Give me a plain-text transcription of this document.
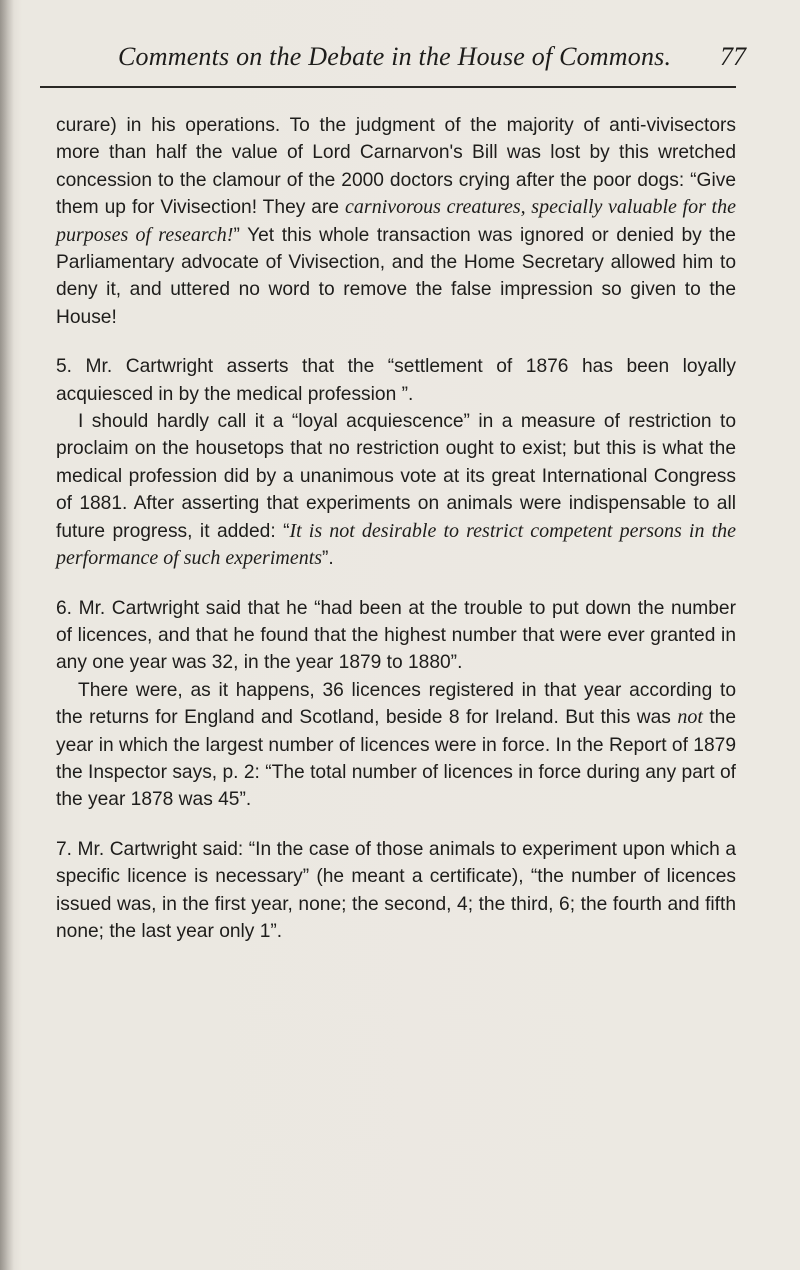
Comments on the Debate in the House of Commons.	77

curare) in his operations. To the judgment of the majority of anti-vivisectors more than half the value of Lord Carnarvon's Bill was lost by this wretched concession to the clamour of the 2000 doctors crying after the poor dogs: “Give them up for Vivisection! They are carnivorous creatures, specially valuable for the purposes of research!” Yet this whole transaction was ignored or denied by the Parliamentary advocate of Vivisection, and the Home Secretary allowed him to deny it, and uttered no word to remove the false impression so given to the House!

5. Mr. Cartwright asserts that the “settlement of 1876 has been loyally acquiesced in by the medical profession ”.

I should hardly call it a “loyal acquiescence” in a measure of restriction to proclaim on the housetops that no restriction ought to exist; but this is what the medical profession did by a unanimous vote at its great International Congress of 1881. After asserting that experiments on animals were indispensable to all future progress, it added: “It is not desirable to restrict competent persons in the performance of such experiments”.

6. Mr. Cartwright said that he “had been at the trouble to put down the number of licences, and that he found that the highest number that were ever granted in any one year was 32, in the year 1879 to 1880”.

There were, as it happens, 36 licences registered in that year according to the returns for England and Scotland, beside 8 for Ireland. But this was not the year in which the largest number of licences were in force. In the Report of 1879 the Inspector says, p. 2: “The total number of licences in force during any part of the year 1878 was 45”.

7. Mr. Cartwright said: “In the case of those animals to experiment upon which a specific licence is necessary” (he meant a certificate), “the number of licences issued was, in the first year, none; the second, 4; the third, 6; the fourth and fifth none; the last year only 1”.
